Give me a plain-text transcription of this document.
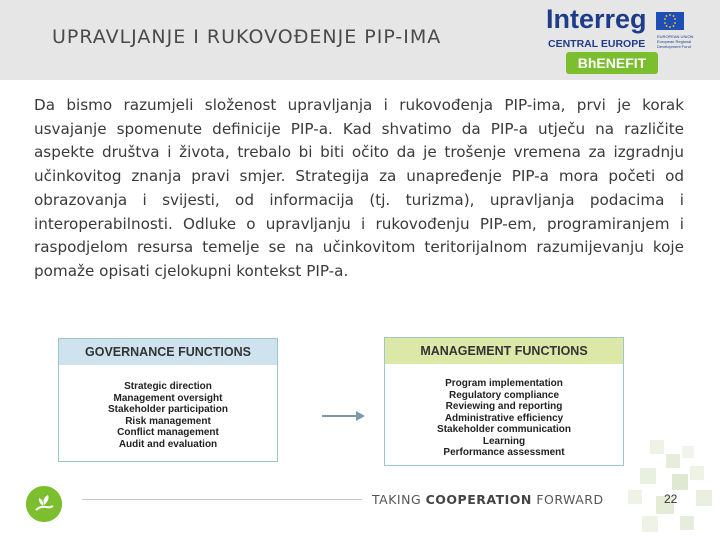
UPRAVLJANJE I RUKOVOĐENJE PIP-IMA
Interreg
CENTRAL EUROPE
EUROPEAN UNION European Regional Development Fund
BhENEFIT
Da bismo razumjeli složenost upravljanja i rukovođenja PIP-ima, prvi je korak usvajanje spomenute definicije PIP-a. Kad shvatimo da PIP-a utječu na različite aspekte društva i života, trebalo bi biti očito da je trošenje vremena za izgradnju učinkovitog znanja pravi smjer. Strategija za unapređenje PIP-a mora početi od obrazovanja i svijesti, od informacija (tj. turizma), upravljanja podacima i interoperabilnosti. Odluke o upravljanju i rukovođenju PIP-em, programiranjem i raspodjelom resursa temelje se na učinkovitom teritorijalnom razumijevanju koje pomaže opisati cjelokupni kontekst PIP-a.
GOVERNANCE FUNCTIONS
Strategic direction
Management oversight
Stakeholder participation
Risk management
Conflict management
Audit and evaluation
MANAGEMENT FUNCTIONS
Program implementation
Regulatory compliance
Reviewing and reporting
Administrative efficiency
Stakeholder communication
Learning
Performance assessment
TAKING COOPERATION FORWARD	22
